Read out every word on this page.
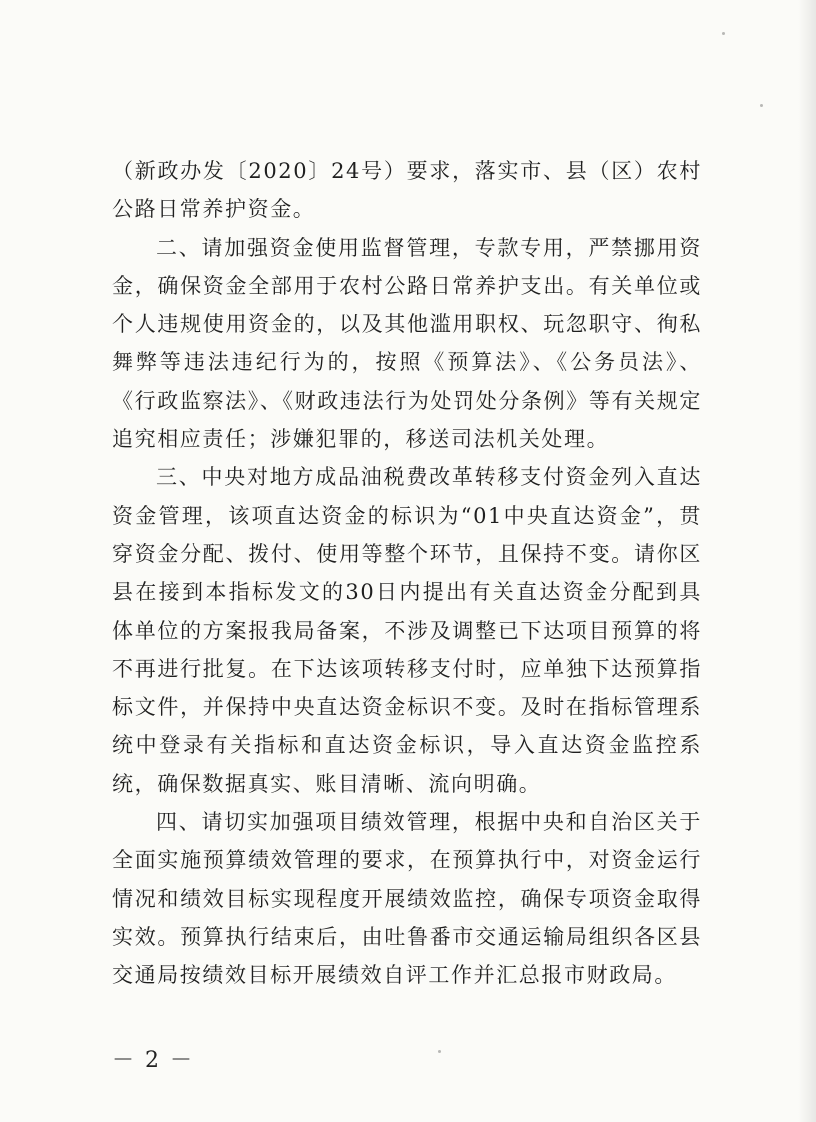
（新政办发〔2020〕24号）要求，落实市、县（区）农村公路日常养护资金。

二、请加强资金使用监督管理，专款专用，严禁挪用资金，确保资金全部用于农村公路日常养护支出。有关单位或个人违规使用资金的，以及其他滥用职权、玩忽职守、徇私舞弊等违法违纪行为的，按照《预算法》、《公务员法》、《行政监察法》、《财政违法行为处罚处分条例》等有关规定追究相应责任；涉嫌犯罪的，移送司法机关处理。

三、中央对地方成品油税费改革转移支付资金列入直达资金管理，该项直达资金的标识为“01中央直达资金”，贯穿资金分配、拨付、使用等整个环节，且保持不变。请你区县在接到本指标发文的30日内提出有关直达资金分配到具体单位的方案报我局备案，不涉及调整已下达项目预算的将不再进行批复。在下达该项转移支付时，应单独下达预算指标文件，并保持中央直达资金标识不变。及时在指标管理系统中登录有关指标和直达资金标识，导入直达资金监控系统，确保数据真实、账目清晰、流向明确。

四、请切实加强项目绩效管理，根据中央和自治区关于全面实施预算绩效管理的要求，在预算执行中，对资金运行情况和绩效目标实现程度开展绩效监控，确保专项资金取得实效。预算执行结束后，由吐鲁番市交通运输局组织各区县交通局按绩效目标开展绩效自评工作并汇总报市财政局。

－ 2 －
